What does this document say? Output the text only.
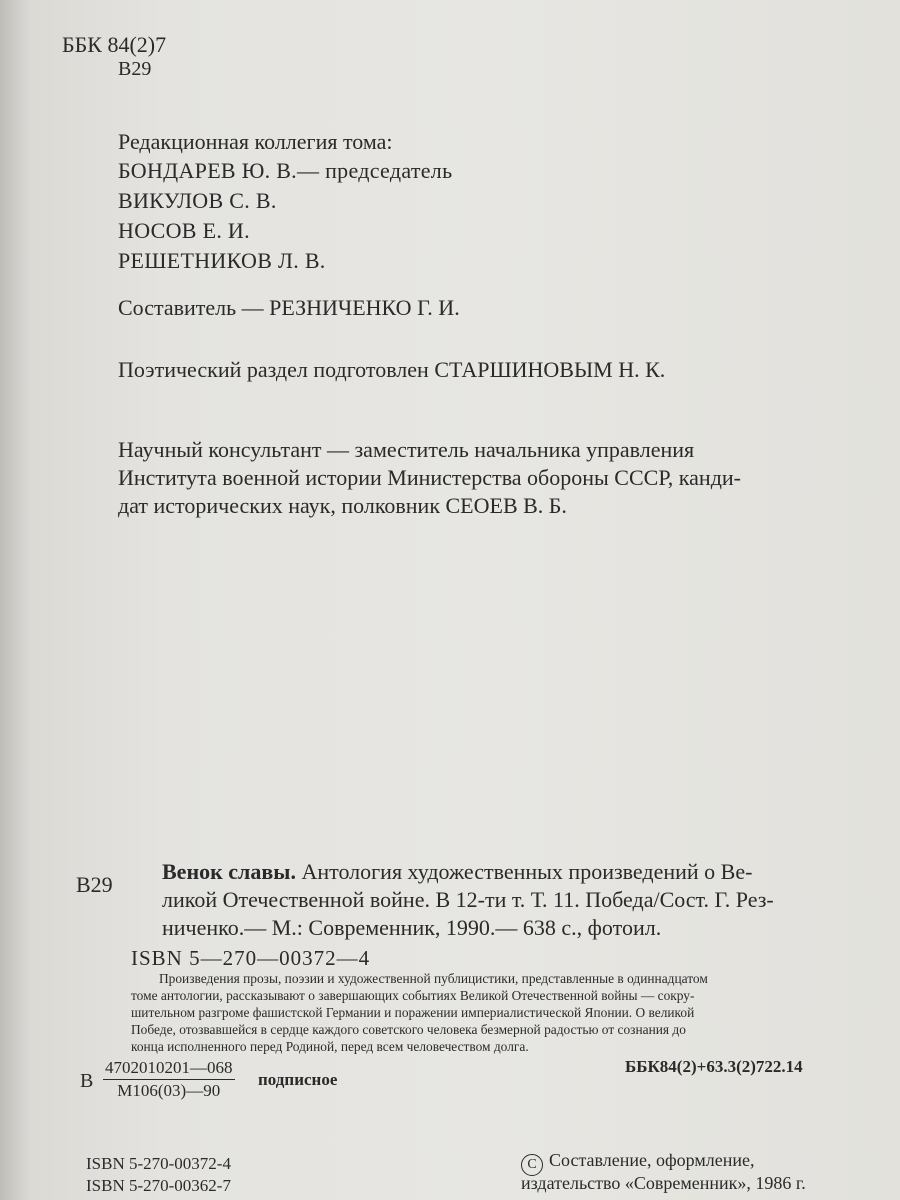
ББК 84(2)7
В29
Редакционная коллегия тома:
БОНДАРЕВ Ю. В.— председатель
ВИКУЛОВ С. В.
НОСОВ Е. И.
РЕШЕТНИКОВ Л. В.
Составитель — РЕЗНИЧЕНКО Г. И.
Поэтический раздел подготовлен СТАРШИНОВЫМ Н. К.
Научный консультант — заместитель начальника управления
Института военной истории Министерства обороны СССР, канди-
дат исторических наук, полковник СЕОЕВ В. Б.
В29
Венок славы. Антология художественных произведений о Ве-
ликой Отечественной войне. В 12-ти т. Т. 11. Победа/Сост. Г. Рез-
ниченко.— М.: Современник, 1990.— 638 с., фотоил.
ISBN 5—270—00372—4
Произведения прозы, поэзии и художественной публицистики, представленные в одиннадцатом
томе антологии, рассказывают о завершающих событиях Великой Отечественной войны — сокру-
шительном разгроме фашистской Германии и поражении империалистической Японии. О великой
Победе, отозвавшейся в сердце каждого советского человека безмерной радостью от сознания до
конца исполненного перед Родиной, перед всем человечеством долга.
В
4702010201—068
М106(03)—90
подписное
ББК84(2)+63.3(2)722.14
ISBN 5-270-00372-4
ISBN 5-270-00362-7
C Составление, оформление,
издательство «Современник», 1986 г.
